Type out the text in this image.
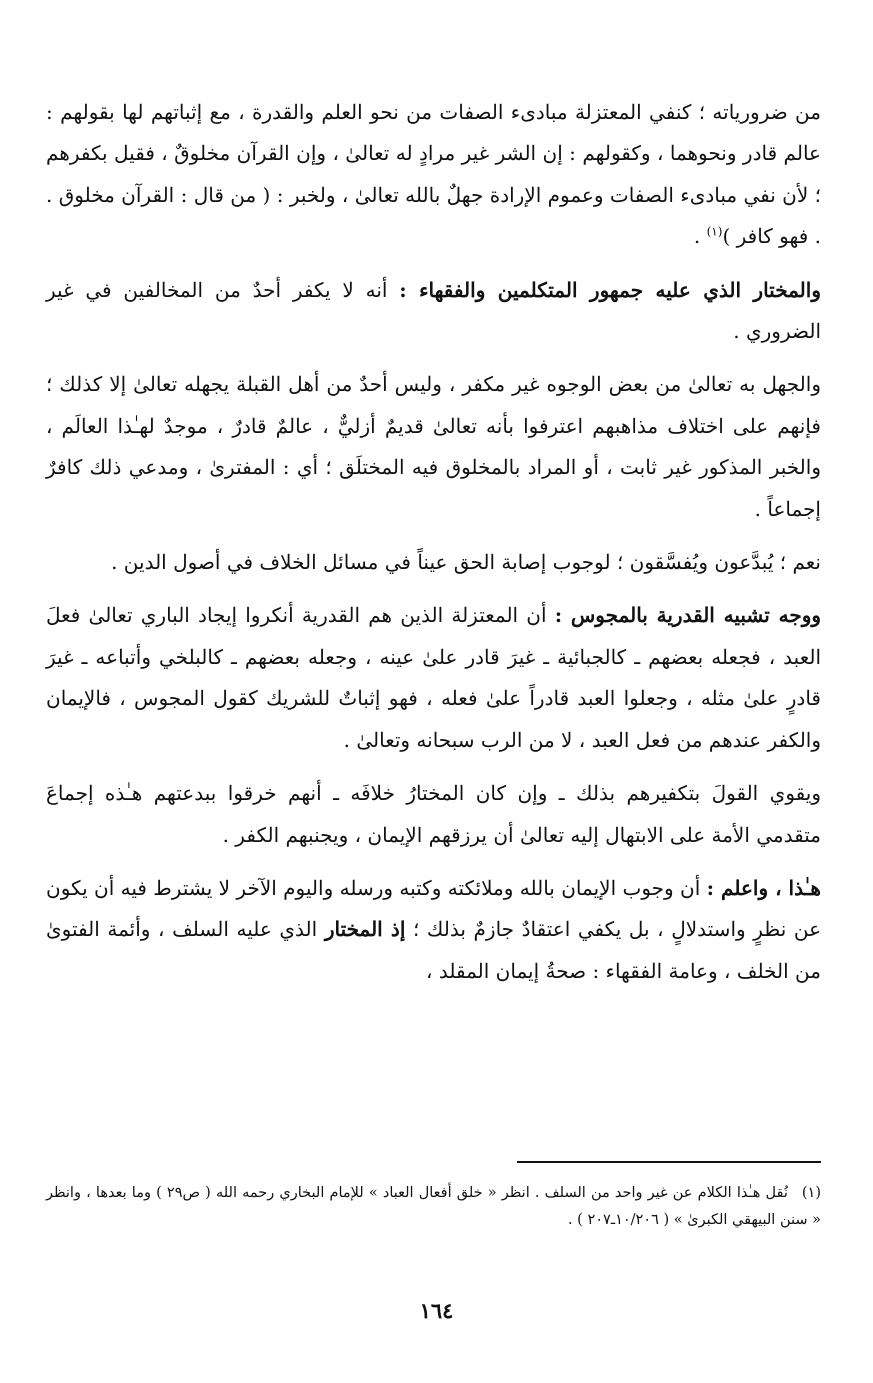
من ضرورياته ؛ كنفي المعتزلة مبادىء الصفات من نحو العلم والقدرة ، مع إثباتهم لها بقولهم : عالم قادر ونحوهما ، وكقولهم : إن الشر غير مرادٍ له تعالىٰ ، وإن القرآن مخلوقٌ ، فقيل بكفرهم ؛ لأن نفي مبادىء الصفات وعموم الإرادة جهلٌ بالله تعالىٰ ، ولخبر : ( من قال : القرآن مخلوق . . فهو كافر )$^{(١)}$ .

والمختار الذي عليه جمهور المتكلمين والفقهاء : أنه لا يكفر أحدٌ من المخالفين في غير الضروري .

والجهل به تعالىٰ من بعض الوجوه غير مكفر ، وليس أحدٌ من أهل القبلة يجهله تعالىٰ إلا كذلك ؛ فإنهم على اختلاف مذاهبهم اعترفوا بأنه تعالىٰ قديمٌ أزليٌّ ، عالمٌ قادرٌ ، موجدٌ لهـٰذا العالَم ، والخبر المذكور غير ثابت ، أو المراد بالمخلوق فيه المختلَق ؛ أي : المفترىٰ ، ومدعي ذلك كافرٌ إجماعاً .

نعم ؛ يُبدَّعون ويُفسَّقون ؛ لوجوب إصابة الحق عيناً في مسائل الخلاف في أصول الدين .

ووجه تشبيه القدرية بالمجوس : أن المعتزلة الذين هم القدرية أنكروا إيجاد الباري تعالىٰ فعلَ العبد ، فجعله بعضهم ـ كالجبائية ـ غيرَ قادر علىٰ عينه ، وجعله بعضهم ـ كالبلخي وأتباعه ـ غيرَ قادرٍ علىٰ مثله ، وجعلوا العبد قادراً علىٰ فعله ، فهو إثباتٌ للشريك كقول المجوس ، فالإيمان والكفر عندهم من فعل العبد ، لا من الرب سبحانه وتعالىٰ .

ويقوي القولَ بتكفيرهم بذلك ـ وإن كان المختارُ خلافَه ـ أنهم خرقوا ببدعتهم هـٰذه إجماعَ متقدمي الأمة على الابتهال إليه تعالىٰ أن يرزقهم الإيمان ، ويجنبهم الكفر .

هـٰذا ، واعلم : أن وجوب الإيمان بالله وملائكته وكتبه ورسله واليوم الآخر لا يشترط فيه أن يكون عن نظرٍ واستدلالٍ ، بل يكفي اعتقادٌ جازمٌ بذلك ؛ إذ المختار الذي عليه السلف ، وأئمة الفتوىٰ من الخلف ، وعامة الفقهاء : صحةُ إيمان المقلد ،

(١)نُقل هـٰذا الكلام عن غير واحد من السلف . انظر « خلق أفعال العباد » للإمام البخاري رحمه الله ( ص٢٩ ) وما بعدها ، وانظر « سنن البيهقي الكبرىٰ » ( ١٠/٢٠٦ـ٢٠٧ ) .
١٦٤
